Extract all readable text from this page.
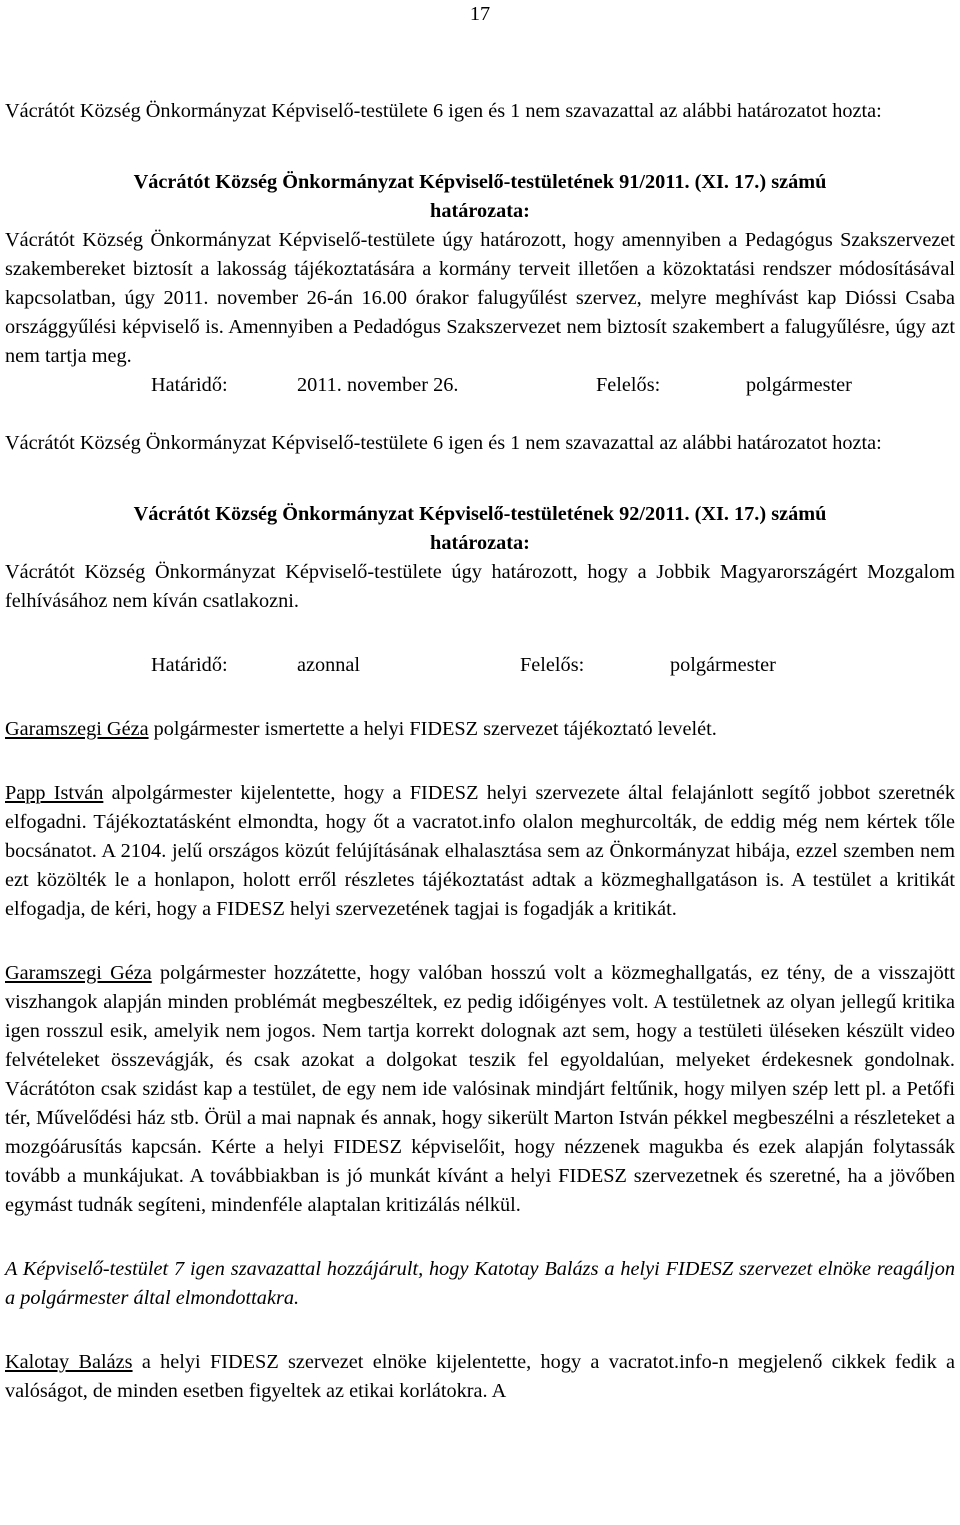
17

Vácrátót Község Önkormányzat Képviselő-testülete 6 igen és 1 nem szavazattal az alábbi határozatot hozta:

Vácrátót Község Önkormányzat Képviselő-testületének 91/2011. (XI. 17.) számú

határozata:

Vácrátót Község Önkormányzat Képviselő-testülete úgy határozott, hogy amennyiben a Pedagógus Szakszervezet szakembereket biztosít a lakosság tájékoztatására a kormány terveit illetően a közoktatási rendszer módosításával kapcsolatban, úgy 2011. november 26-án 16.00 órakor falugyűlést szervez, melyre meghívást kap Dióssi Csaba országgyűlési képviselő is. Amennyiben a Pedadógus Szakszervezet nem biztosít szakembert a falugyűlésre, úgy azt nem tartja meg.

Határidő:	2011. november 26.	Felelős:	polgármester

Vácrátót Község Önkormányzat Képviselő-testülete 6 igen és 1 nem szavazattal az alábbi határozatot hozta:

Vácrátót Község Önkormányzat Képviselő-testületének 92/2011. (XI. 17.) számú

határozata:

Vácrátót Község Önkormányzat Képviselő-testülete úgy határozott, hogy a Jobbik Magyarországért Mozgalom felhívásához nem kíván csatlakozni.

Határidő:	azonnal	Felelős:	polgármester

Garamszegi Géza polgármester ismertette a helyi FIDESZ szervezet tájékoztató levelét.

Papp István alpolgármester kijelentette, hogy a FIDESZ helyi szervezete által felajánlott segítő jobbot szeretnék elfogadni. Tájékoztatásként elmondta, hogy őt a vacratot.info olalon meghurcolták, de eddig még nem kértek tőle bocsánatot. A 2104. jelű országos közút felújításának elhalasztása sem az Önkormányzat hibája, ezzel szemben nem ezt közölték le a honlapon, holott erről részletes tájékoztatást adtak a közmeghallgatáson is. A testület a kritikát elfogadja, de kéri, hogy a FIDESZ helyi szervezetének tagjai is fogadják a kritikát.

Garamszegi Géza polgármester hozzátette, hogy valóban hosszú volt a közmeghallgatás, ez tény, de a visszajött viszhangok alapján minden problémát megbeszéltek, ez pedig időigényes volt. A testületnek az olyan jellegű kritika igen rosszul esik, amelyik nem jogos. Nem tartja korrekt dolognak azt sem, hogy a testületi üléseken készült video felvételeket összevágják, és csak azokat a dolgokat teszik fel egyoldalúan, melyeket érdekesnek gondolnak. Vácrátóton csak szidást kap a testület, de egy nem ide valósinak mindjárt feltűnik, hogy milyen szép lett pl. a Petőfi tér, Művelődési ház stb. Örül a mai napnak és annak, hogy sikerült Marton István pékkel megbeszélni a részleteket a mozgóárusítás kapcsán. Kérte a helyi FIDESZ képviselőit, hogy nézzenek magukba és ezek alapján folytassák tovább a munkájukat. A továbbiakban is jó munkát kívánt a helyi FIDESZ szervezetnek és szeretné, ha a jövőben egymást tudnák segíteni, mindenféle alaptalan kritizálás nélkül.

A Képviselő-testület 7 igen szavazattal hozzájárult, hogy Katotay Balázs a helyi FIDESZ szervezet elnöke reagáljon a polgármester által elmondottakra.

Kalotay Balázs a helyi FIDESZ szervezet elnöke kijelentette, hogy a vacratot.info-n megjelenő cikkek fedik a valóságot, de minden esetben figyeltek az etikai korlátokra. A
